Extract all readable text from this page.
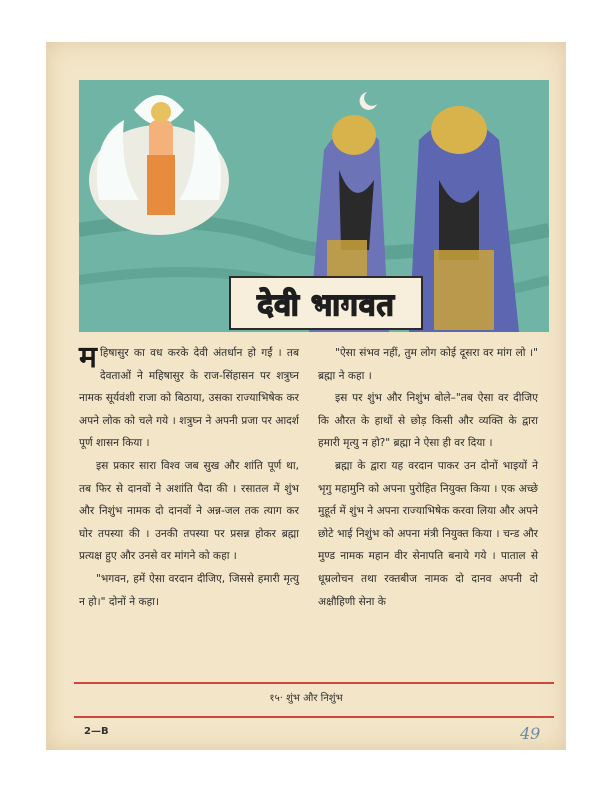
देवी भागवत

महिषासुर का वध करके देवी अंतर्धान हो गईं । तब देवताओं ने महिषासुर के राज-सिंहासन पर शत्रुघ्न नामक सूर्यवंशी राजा को बिठाया, उसका राज्याभिषेक कर अपने लोक को चले गये । शत्रुघ्न ने अपनी प्रजा पर आदर्श पूर्ण शासन किया ।

इस प्रकार सारा विश्व जब सुख और शांति पूर्ण था, तब फिर से दानवों ने अशांति पैदा की । रसातल में शुंभ और निशुंभ नामक दो दानवों ने अन्न-जल तक त्याग कर घोर तपस्या की । उनकी तपस्या पर प्रसन्न होकर ब्रह्मा प्रत्यक्ष हुए और उनसे वर मांगने को कहा ।

"भगवन, हमें ऐसा वरदान दीजिए, जिससे हमारी मृत्यु न हो।" दोनों ने कहा।

"ऐसा संभव नहीं, तुम लोग कोई दूसरा वर मांग लो ।" ब्रह्मा ने कहा ।

इस पर शुंभ और निशुंभ बोले–"तब ऐसा वर दीजिए कि औरत के हाथों से छोड़ किसी और व्यक्ति के द्वारा हमारी मृत्यु न हो?" ब्रह्मा ने ऐसा ही वर दिया ।

ब्रह्मा के द्वारा यह वरदान पाकर उन दोनों भाइयों ने भृगु महामुनि को अपना पुरोहित नियुक्त किया । एक अच्छे मुहूर्त में शुंभ ने अपना राज्याभिषेक करवा लिया और अपने छोटे भाई निशुंभ को अपना मंत्री नियुक्त किया । चन्ड और मुण्ड नामक महान वीर सेनापति बनाये गये । पाताल से धूम्रलोचन तथा रक्तबीज नामक दो दानव अपनी दो अक्षौहिणी सेना के

१५· शुंभ और निशुंभ
2—B	49
